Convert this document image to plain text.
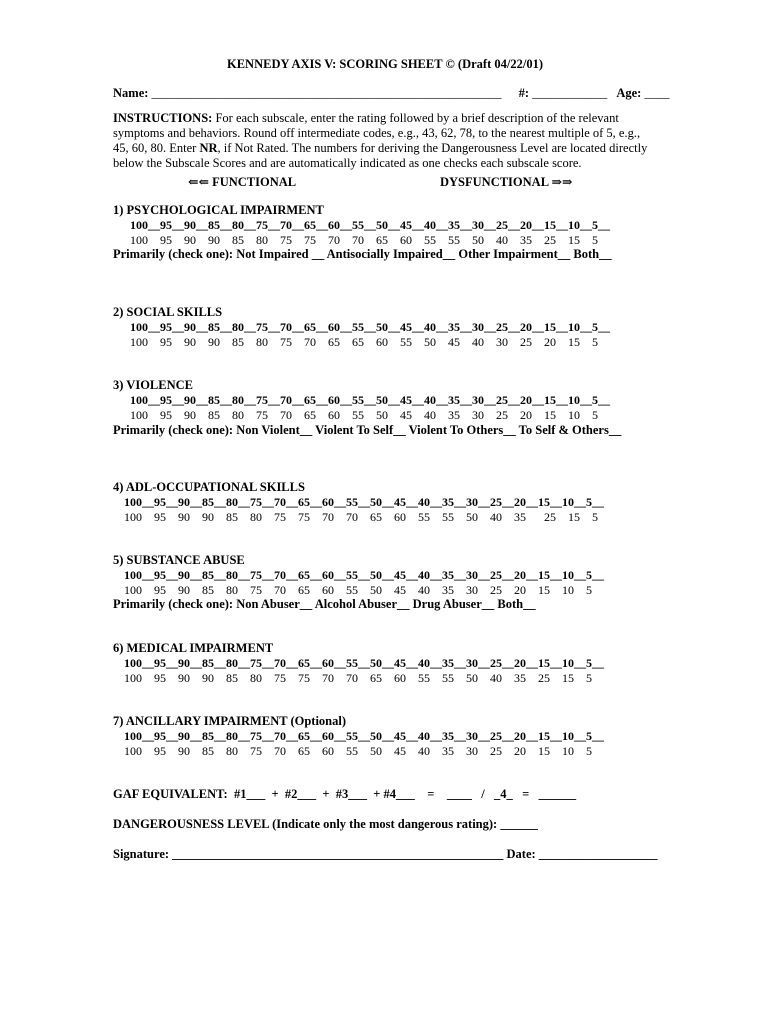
KENNEDY AXIS V: SCORING SHEET © (Draft 04/22/01)
Name: ________________________________________________________ #: ____________ Age: ____
INSTRUCTIONS: For each subscale, enter the rating followed by a brief description of the relevant symptoms and behaviors. Round off intermediate codes, e.g., 43, 62, 78, to the nearest multiple of 5, e.g., 45, 60, 80. Enter NR, if Not Rated. The numbers for deriving the Dangerousness Level are located directly below the Subscale Scores and are automatically indicated as one checks each subscale score.
⇐⇐ FUNCTIONAL	DYSFUNCTIONAL ⇒⇒
1) PSYCHOLOGICAL IMPAIRMENT
100__95__90__85__80__75__70__65__60__55__50__45__40__35__30__25__20__15__10__5__
100    95    90    90    85    80    75    75    70    70    65    60    55    55    50    40    35    25    15    5
Primarily (check one): Not Impaired __ Antisocially Impaired__ Other Impairment__ Both__
2) SOCIAL SKILLS
100__95__90__85__80__75__70__65__60__55__50__45__40__35__30__25__20__15__10__5__
100    95    90    90    85    80    75    70    65    65    60    55    50    45    40    30    25    20    15    5
3) VIOLENCE
100__95__90__85__80__75__70__65__60__55__50__45__40__35__30__25__20__15__10__5__
100    95    90    85    80    75    70    65    60    55    50    45    40    35    30    25    20    15    10    5
Primarily (check one): Non Violent__ Violent To Self__ Violent To Others__ To Self & Others__
4) ADL-OCCUPATIONAL SKILLS
100__95__90__85__80__75__70__65__60__55__50__45__40__35__30__25__20__15__10__5__
100    95    90    90    85    80    75    75    70    70    65    60    55    55    50    40    35      25    15    5
5) SUBSTANCE ABUSE
100__95__90__85__80__75__70__65__60__55__50__45__40__35__30__25__20__15__10__5__
100    95    90    85    80    75    70    65    60    55    50    45    40    35    30    25    20    15    10    5
Primarily (check one): Non Abuser__ Alcohol Abuser__ Drug Abuser__ Both__
6) MEDICAL IMPAIRMENT
100__95__90__85__80__75__70__65__60__55__50__45__40__35__30__25__20__15__10__5__
100    95    90    90    85    80    75    75    70    70    65    60    55    55    50    40    35    25    15    5
7) ANCILLARY IMPAIRMENT (Optional)
100__95__90__85__80__75__70__65__60__55__50__45__40__35__30__25__20__15__10__5__
100    95    90    85    80    75    70    65    60    55    50    45    40    35    30    25    20    15    10    5
GAF EQUIVALENT:  #1___  +  #2___  +  #3___  + #4___    =    ____   /   _4_   =   ______
DANGEROUSNESS LEVEL (Indicate only the most dangerous rating): ______
Signature: _____________________________________________________ Date: ___________________
